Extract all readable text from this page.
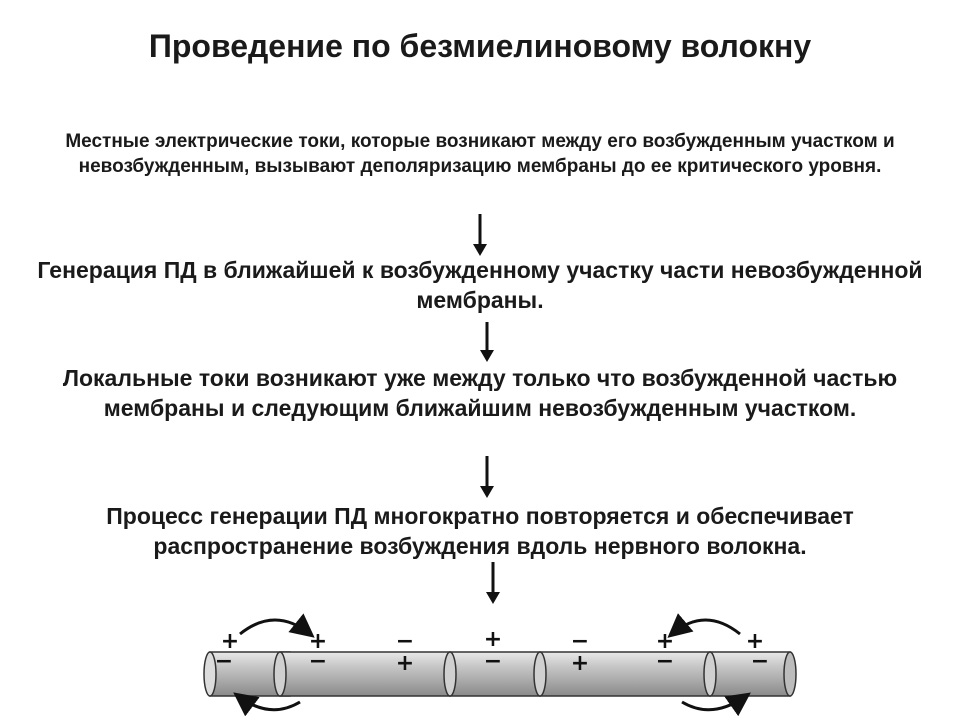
Проведение по безмиелиновому волокну
Местные электрические токи, которые возникают между его возбужденным участком и невозбужденным, вызывают деполяризацию мембраны до ее критического уровня.
Генерация ПД в ближайшей к возбужденному участку части невозбужденной мембраны.
Локальные токи возникают уже между только что возбужденной частью мембраны и следующим ближайшим невозбужденным участком.
Процесс генерации ПД многократно повторяется и обеспечивает распространение возбуждения вдоль нервного волокна.
+	+	−	+	−	+	+
−	−	+	−	+	−	−
